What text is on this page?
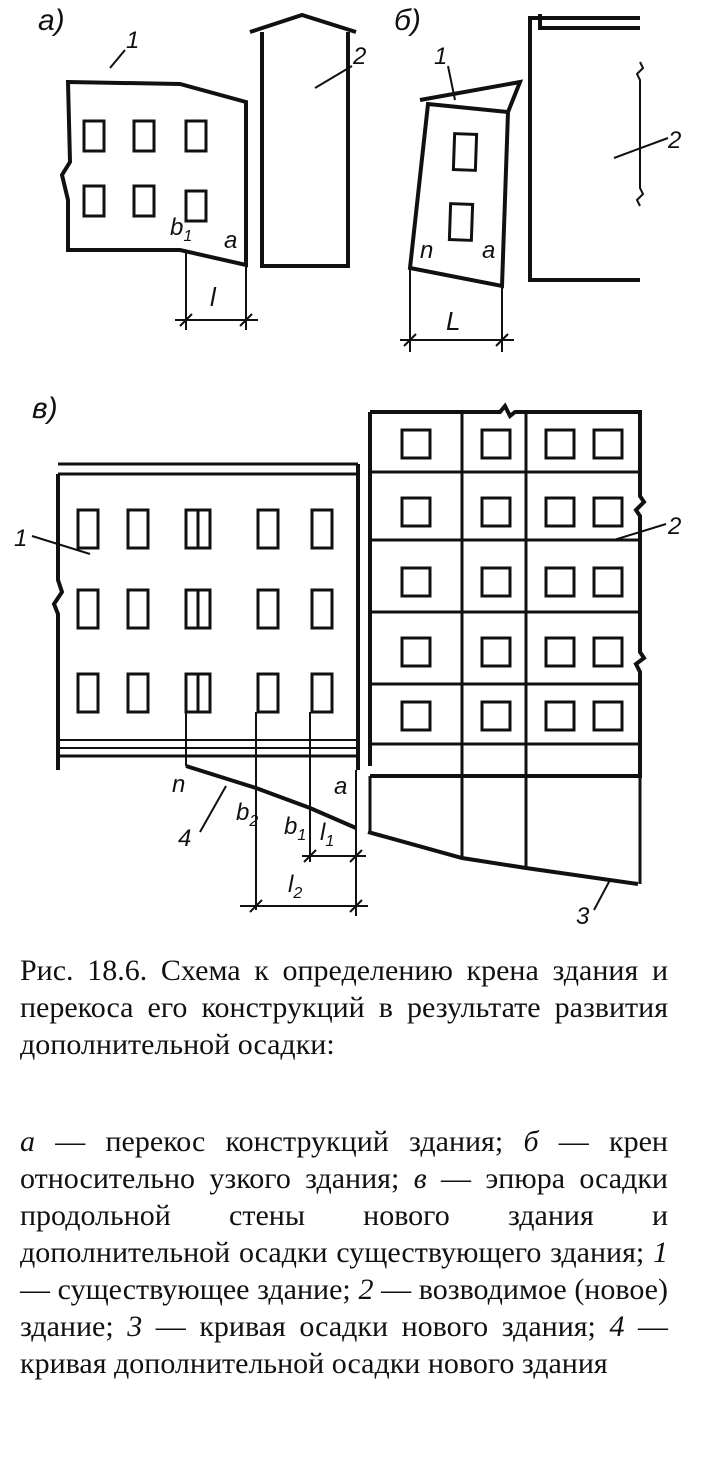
а)
1
$b_1$ a
2
l
б)
1
n a
2
L
в)
1
4
n	a
$b_2$ $b_1$ $l_1$
$l_2$
2
3

Рис. 18.6. Схема к определению крена здания и перекоса его конструкций в результате развития дополнительной осадки:

а — перекос конструкций здания; б — крен относительно узкого здания; в — эпюра осадки продольной стены нового здания и дополнительной осадки существующего здания; 1 — существующее здание; 2 — возводимое (новое) здание; 3 — кривая осадки нового здания; 4 — кривая дополнительной осадки нового здания
